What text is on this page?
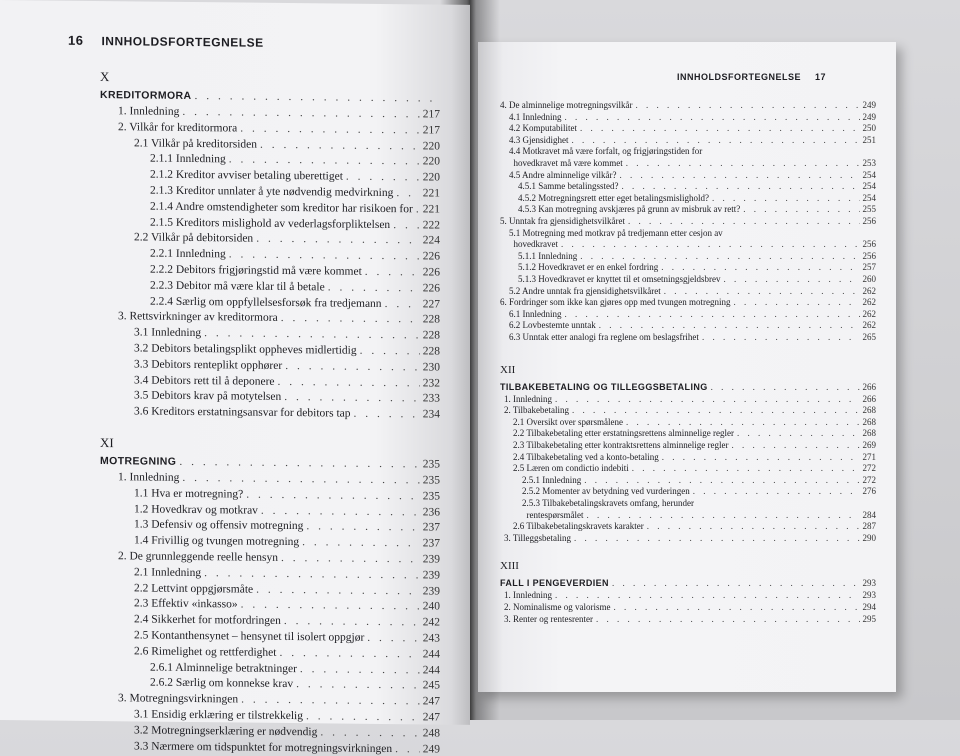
16 INNHOLDSFORTEGNELSE
X
KREDITORMORA
. . .
1. Innledning . . .	217
2. Vilkår for kreditormora . . .	217
2.1 Vilkår på kreditorsiden . . .	220
2.1.1 Innledning . . .	220
2.1.2 Kreditor avviser betaling uberettiget . . .	220
2.1.3 Kreditor unnlater å yte nødvendig medvirkning . . .	221
2.1.4 Andre omstendigheter som kreditor har risikoen for . . . 221
2.1.5 Kreditors mislighold av vederlagsforpliktelsen . . .	222
2.2 Vilkår på debitorsiden . . .	224
2.2.1 Innledning . . .	226
2.2.2 Debitors frigjøringstid må være kommet . . .	226
2.2.3 Debitor må være klar til å betale . . .	226
2.2.4 Særlig om oppfyllelsesforsøk fra tredjemann . . .	227
3. Rettsvirkninger av kreditormora . . .	228
3.1 Innledning . . .	228
3.2 Debitors betalingsplikt oppheves midlertidig . . .	228
3.3 Debitors renteplikt opphører . . .	230
3.4 Debitors rett til å deponere . . .	232
3.5 Debitors krav på motytelsen . . .	233
3.6 Kreditors erstatningsansvar for debitors tap . . .	234
XI
MOTREGNING . . .	235
1. Innledning . . .	235
1.1 Hva er motregning? . . .	235
1.2 Hovedkrav og motkrav . . .	236
1.3 Defensiv og offensiv motregning . . .	237
1.4 Frivillig og tvungen motregning . . .	237
2. De grunnleggende reelle hensyn . . .	239
2.1 Innledning . . .	239
2.2 Lettvint oppgjørsmåte . . .	239
2.3 Effektiv «inkasso» . . .	240
2.4 Sikkerhet for motfordringen . . .	242
2.5 Kontanthensynet – hensynet til isolert oppgjør . . .	243
2.6 Rimelighet og rettferdighet . . .	244
2.6.1 Alminnelige betraktninger . . .	244
2.6.2 Særlig om konnekse krav . . .	245
3. Motregningsvirkningen . . .	247
3.1 Ensidig erklæring er tilstrekkelig . . .	247
3.2 Motregningserklæring er nødvendig . . .	248
3.3 Nærmere om tidspunktet for motregningsvirkningen . . .	249
INNHOLDSFORTEGNELSE 17
4. De alminnelige motregningsvilkår . . .	249
4.1 Innledning . . .	249
4.2 Komputabilitet . . .	250
4.3 Gjensidighet . . .	251
4.4 Motkravet må være forfalt, og frigjøringstiden for
hovedkravet må være kommet . . .	253
4.5 Andre alminnelige vilkår? . . .	254
4.5.1 Samme betalingssted? . . .	254
4.5.2 Motregningsrett etter eget betalingsmislighold? . . .	254
4.5.3 Kan motregning avskjæres på grunn av misbruk av rett? . . .	255
5. Unntak fra gjensidighetsvilkåret . . .	256
5.1 Motregning med motkrav på tredjemann etter cesjon av
hovedkravet . . .	256
5.1.1 Innledning . . .	256
5.1.2 Hovedkravet er en enkel fordring . . .	257
5.1.3 Hovedkravet er knyttet til et omsetningsgjeldsbrev . . .	260
5.2 Andre unntak fra gjensidighetsvilkåret . . .	262
6. Fordringer som ikke kan gjøres opp med tvungen motregning . . .	262
6.1 Innledning . . .	262
6.2 Lovbestemte unntak . . .	262
6.3 Unntak etter analogi fra reglene om beslagsfrihet . . .	265
XII
TILBAKEBETALING OG TILLEGGSBETALING . . .	266
1. Innledning . . .	266
2. Tilbakebetaling . . .	268
2.1 Oversikt over spørsmålene . . .	268
2.2 Tilbakebetaling etter erstatningsrettens alminnelige regler . . .	268
2.3 Tilbakebetaling etter kontraktsrettens alminnelige regler . . .	269
2.4 Tilbakebetaling ved a konto-betaling . . .	271
2.5 Læren om condictio indebiti . . .	272
2.5.1 Innledning . . .	272
2.5.2 Momenter av betydning ved vurderingen . . .	276
2.5.3 Tilbakebetalingskravets omfang, herunder
rentespørsmålet . . .	284
2.6 Tilbakebetalingskravets karakter . . .	287
3. Tilleggsbetaling . . .	290
XIII
FALL I PENGEVERDIEN . . .	293
1. Innledning . . .	293
2. Nominalisme og valorisme . . .	294
3. Renter og rentesrenter . . .	295
